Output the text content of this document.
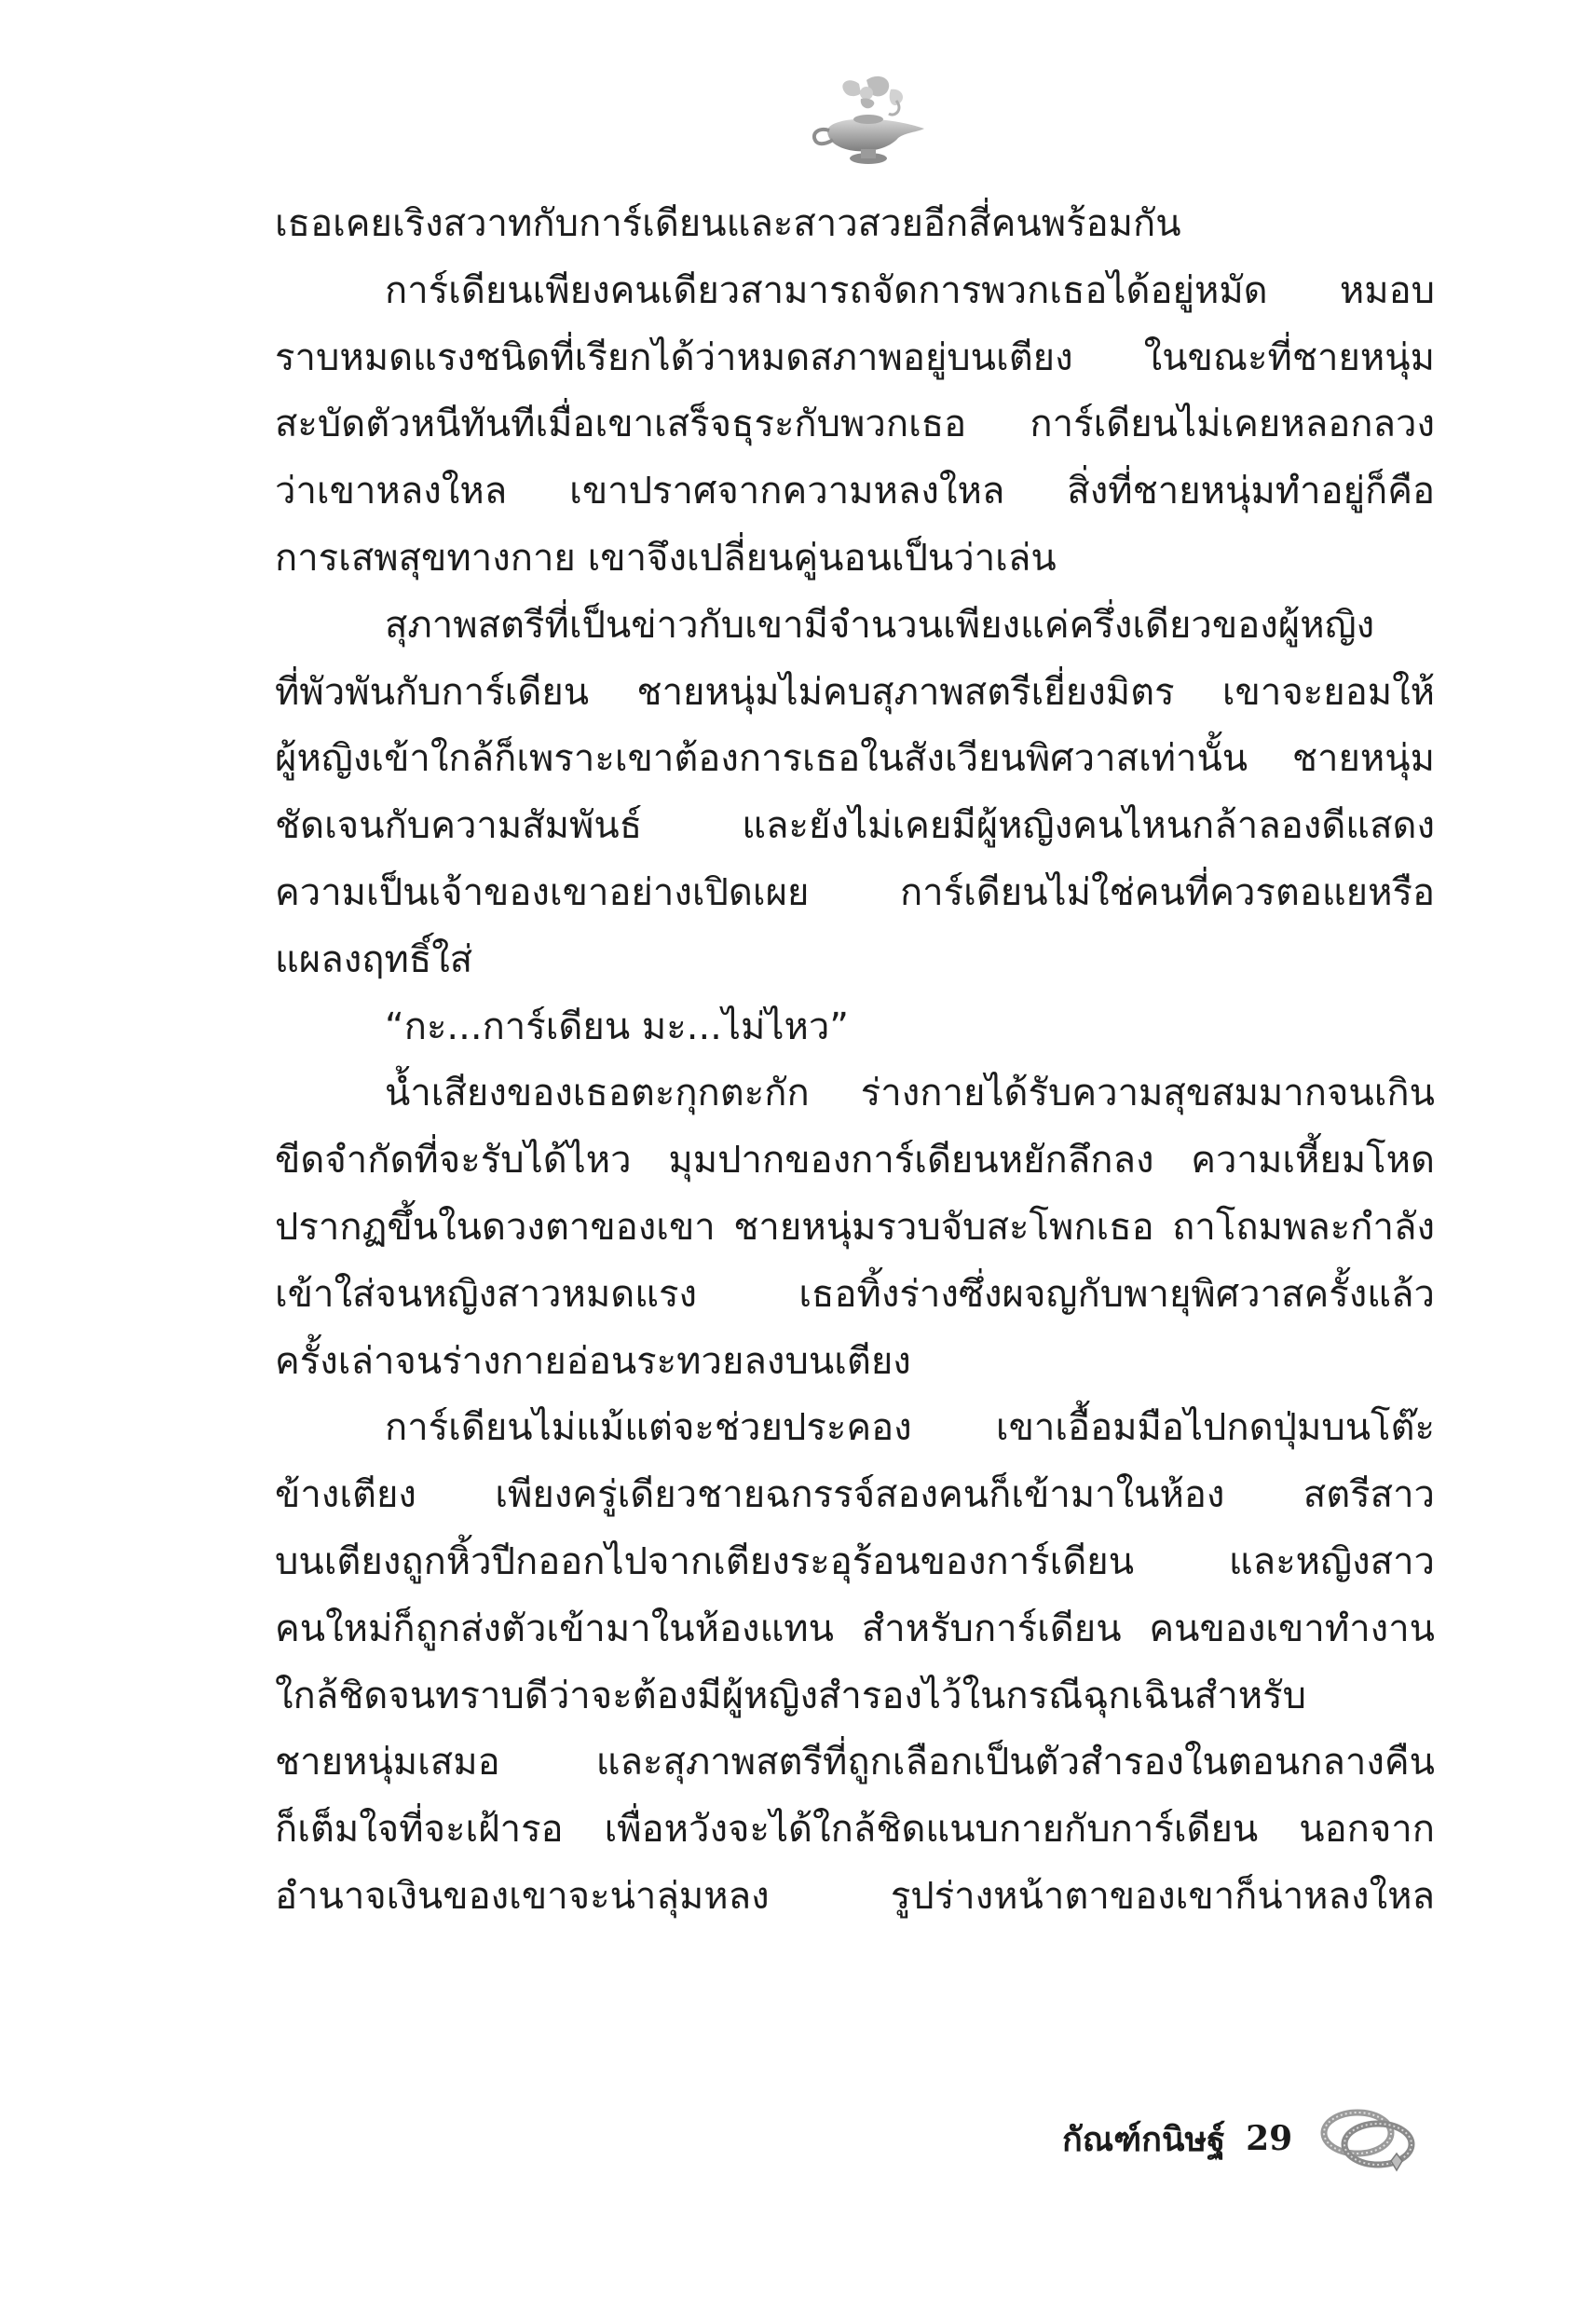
เธอเคยเริงสวาทกับการ์เดียนและสาวสวยอีกสี่คนพร้อมกัน
การ์เดียนเพียงคนเดียวสามารถจัดการพวกเธอได้อยู่หมัด หมอบ
ราบหมดแรงชนิดที่เรียกได้ว่าหมดสภาพอยู่บนเตียง ในขณะที่ชายหนุ่ม
สะบัดตัวหนีทันทีเมื่อเขาเสร็จธุระกับพวกเธอ การ์เดียนไม่เคยหลอกลวง
ว่าเขาหลงใหล เขาปราศจากความหลงใหล สิ่งที่ชายหนุ่มทำอยู่ก็คือ
การเสพสุขทางกาย เขาจึงเปลี่ยนคู่นอนเป็นว่าเล่น
สุภาพสตรีที่เป็นข่าวกับเขามีจำนวนเพียงแค่ครึ่งเดียวของผู้หญิง
ที่พัวพันกับการ์เดียน ชายหนุ่มไม่คบสุภาพสตรีเยี่ยงมิตร เขาจะยอมให้
ผู้หญิงเข้าใกล้ก็เพราะเขาต้องการเธอในสังเวียนพิศวาสเท่านั้น ชายหนุ่ม
ชัดเจนกับความสัมพันธ์ และยังไม่เคยมีผู้หญิงคนไหนกล้าลองดีแสดง
ความเป็นเจ้าของเขาอย่างเปิดเผย การ์เดียนไม่ใช่คนที่ควรตอแยหรือ
แผลงฤทธิ์ใส่
“กะ...การ์เดียน มะ...ไม่ไหว”
น้ำเสียงของเธอตะกุกตะกัก ร่างกายได้รับความสุขสมมากจนเกิน
ขีดจำกัดที่จะรับได้ไหว มุมปากของการ์เดียนหยักลึกลง ความเหี้ยมโหด
ปรากฏขึ้นในดวงตาของเขา ชายหนุ่มรวบจับสะโพกเธอ ถาโถมพละกำลัง
เข้าใส่จนหญิงสาวหมดแรง เธอทิ้งร่างซึ่งผจญกับพายุพิศวาสครั้งแล้ว
ครั้งเล่าจนร่างกายอ่อนระทวยลงบนเตียง
การ์เดียนไม่แม้แต่จะช่วยประคอง เขาเอื้อมมือไปกดปุ่มบนโต๊ะ
ข้างเตียง เพียงครู่เดียวชายฉกรรจ์สองคนก็เข้ามาในห้อง สตรีสาว
บนเตียงถูกหิ้วปีกออกไปจากเตียงระอุร้อนของการ์เดียน และหญิงสาว
คนใหม่ก็ถูกส่งตัวเข้ามาในห้องแทน สำหรับการ์เดียน คนของเขาทำงาน
ใกล้ชิดจนทราบดีว่าจะต้องมีผู้หญิงสำรองไว้ในกรณีฉุกเฉินสำหรับ
ชายหนุ่มเสมอ และสุภาพสตรีที่ถูกเลือกเป็นตัวสำรองในตอนกลางคืน
ก็เต็มใจที่จะเฝ้ารอ เพื่อหวังจะได้ใกล้ชิดแนบกายกับการ์เดียน นอกจาก
อำนาจเงินของเขาจะน่าลุ่มหลง รูปร่างหน้าตาของเขาก็น่าหลงใหล
กัณฑ์กนิษฐ์ 29
